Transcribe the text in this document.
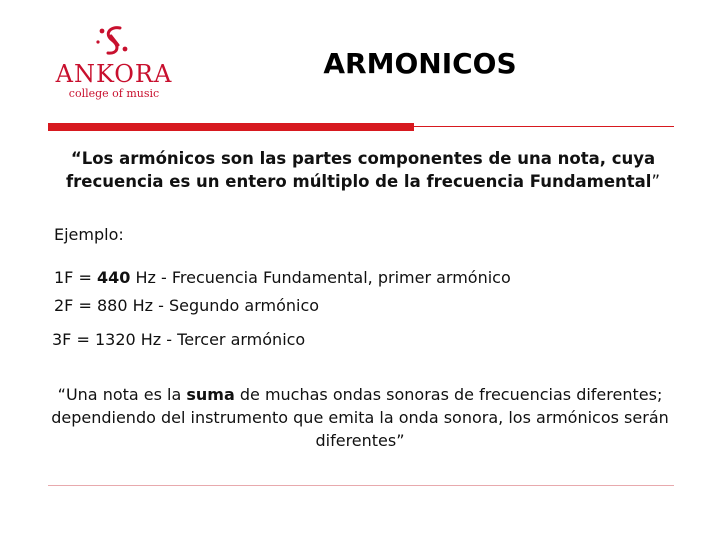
ANKORA
college of music
ARMONICOS

“Los armónicos son las partes componentes de una nota, cuya frecuencia es un entero múltiplo de la frecuencia Fundamental”

Ejemplo:

1F = 440 Hz - Frecuencia Fundamental, primer armónico

2F = 880 Hz - Segundo armónico

3F = 1320 Hz - Tercer armónico

“Una nota es la suma de muchas ondas sonoras de frecuencias diferentes; dependiendo del instrumento que emita la onda sonora, los armónicos serán diferentes”
